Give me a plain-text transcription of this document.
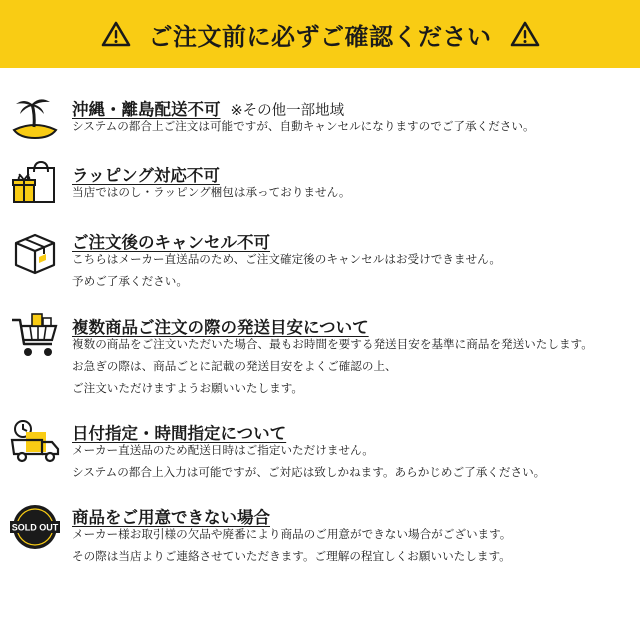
ご注文前に必ずご確認ください
沖縄・離島配送不可 ※その他一部地域
システムの都合上ご注文は可能ですが、自動キャンセルになりますのでご了承ください。
ラッピング対応不可
当店ではのし・ラッピング梱包は承っておりません。
ご注文後のキャンセル不可
こちらはメーカー直送品のため、ご注文確定後のキャンセルはお受けできません。
予めご了承ください。
複数商品ご注文の際の発送目安について
複数の商品をご注文いただいた場合、最もお時間を要する発送目安を基準に商品を発送いたします。
お急ぎの際は、商品ごとに記載の発送目安をよくご確認の上、
ご注文いただけますようお願いいたします。
日付指定・時間指定について
メーカー直送品のため配送日時はご指定いただけません。
システムの都合上入力は可能ですが、ご対応は致しかねます。あらかじめご了承ください。
SOLD OUT
商品をご用意できない場合
メーカー様お取引様の欠品や廃番により商品のご用意ができない場合がございます。
その際は当店よりご連絡させていただきます。ご理解の程宜しくお願いいたします。
